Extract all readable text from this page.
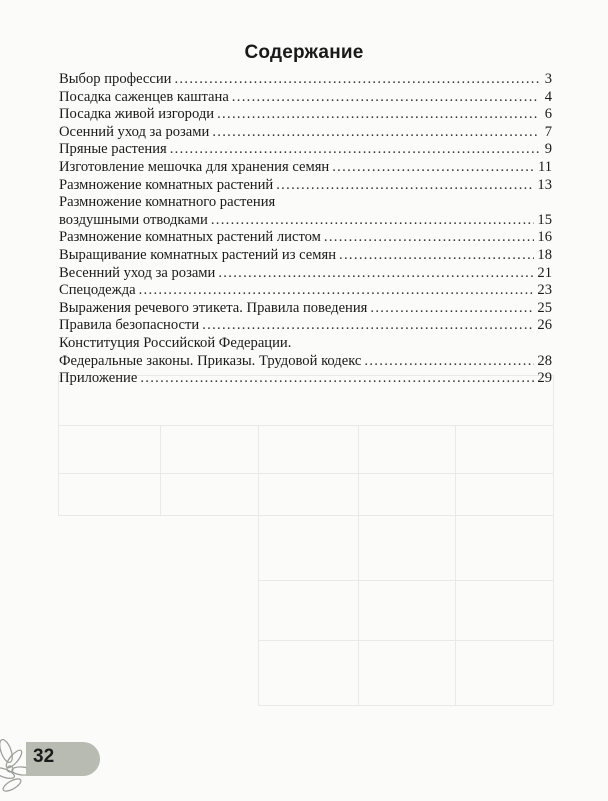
Содержание
Выбор профессии .....	3
Посадка саженцев каштана .....	4
Посадка живой изгороди .....	6
Осенний уход за розами .....	7
Пряные растения .....	9
Изготовление мешочка для хранения семян .....	11
Размножение комнатных растений .....	13
Размножение комнатного растения
воздушными отводками .....	15
Размножение комнатных растений листом .....	16
Выращивание комнатных растений из семян .....	18
Весенний уход за розами .....	21
Спецодежда .....	23
Выражения речевого этикета. Правила поведения .....	25
Правила безопасности .....	26
Конституция Российской Федерации.
Федеральные законы. Приказы. Трудовой кодекс .....	28
Приложение .....	29
32
